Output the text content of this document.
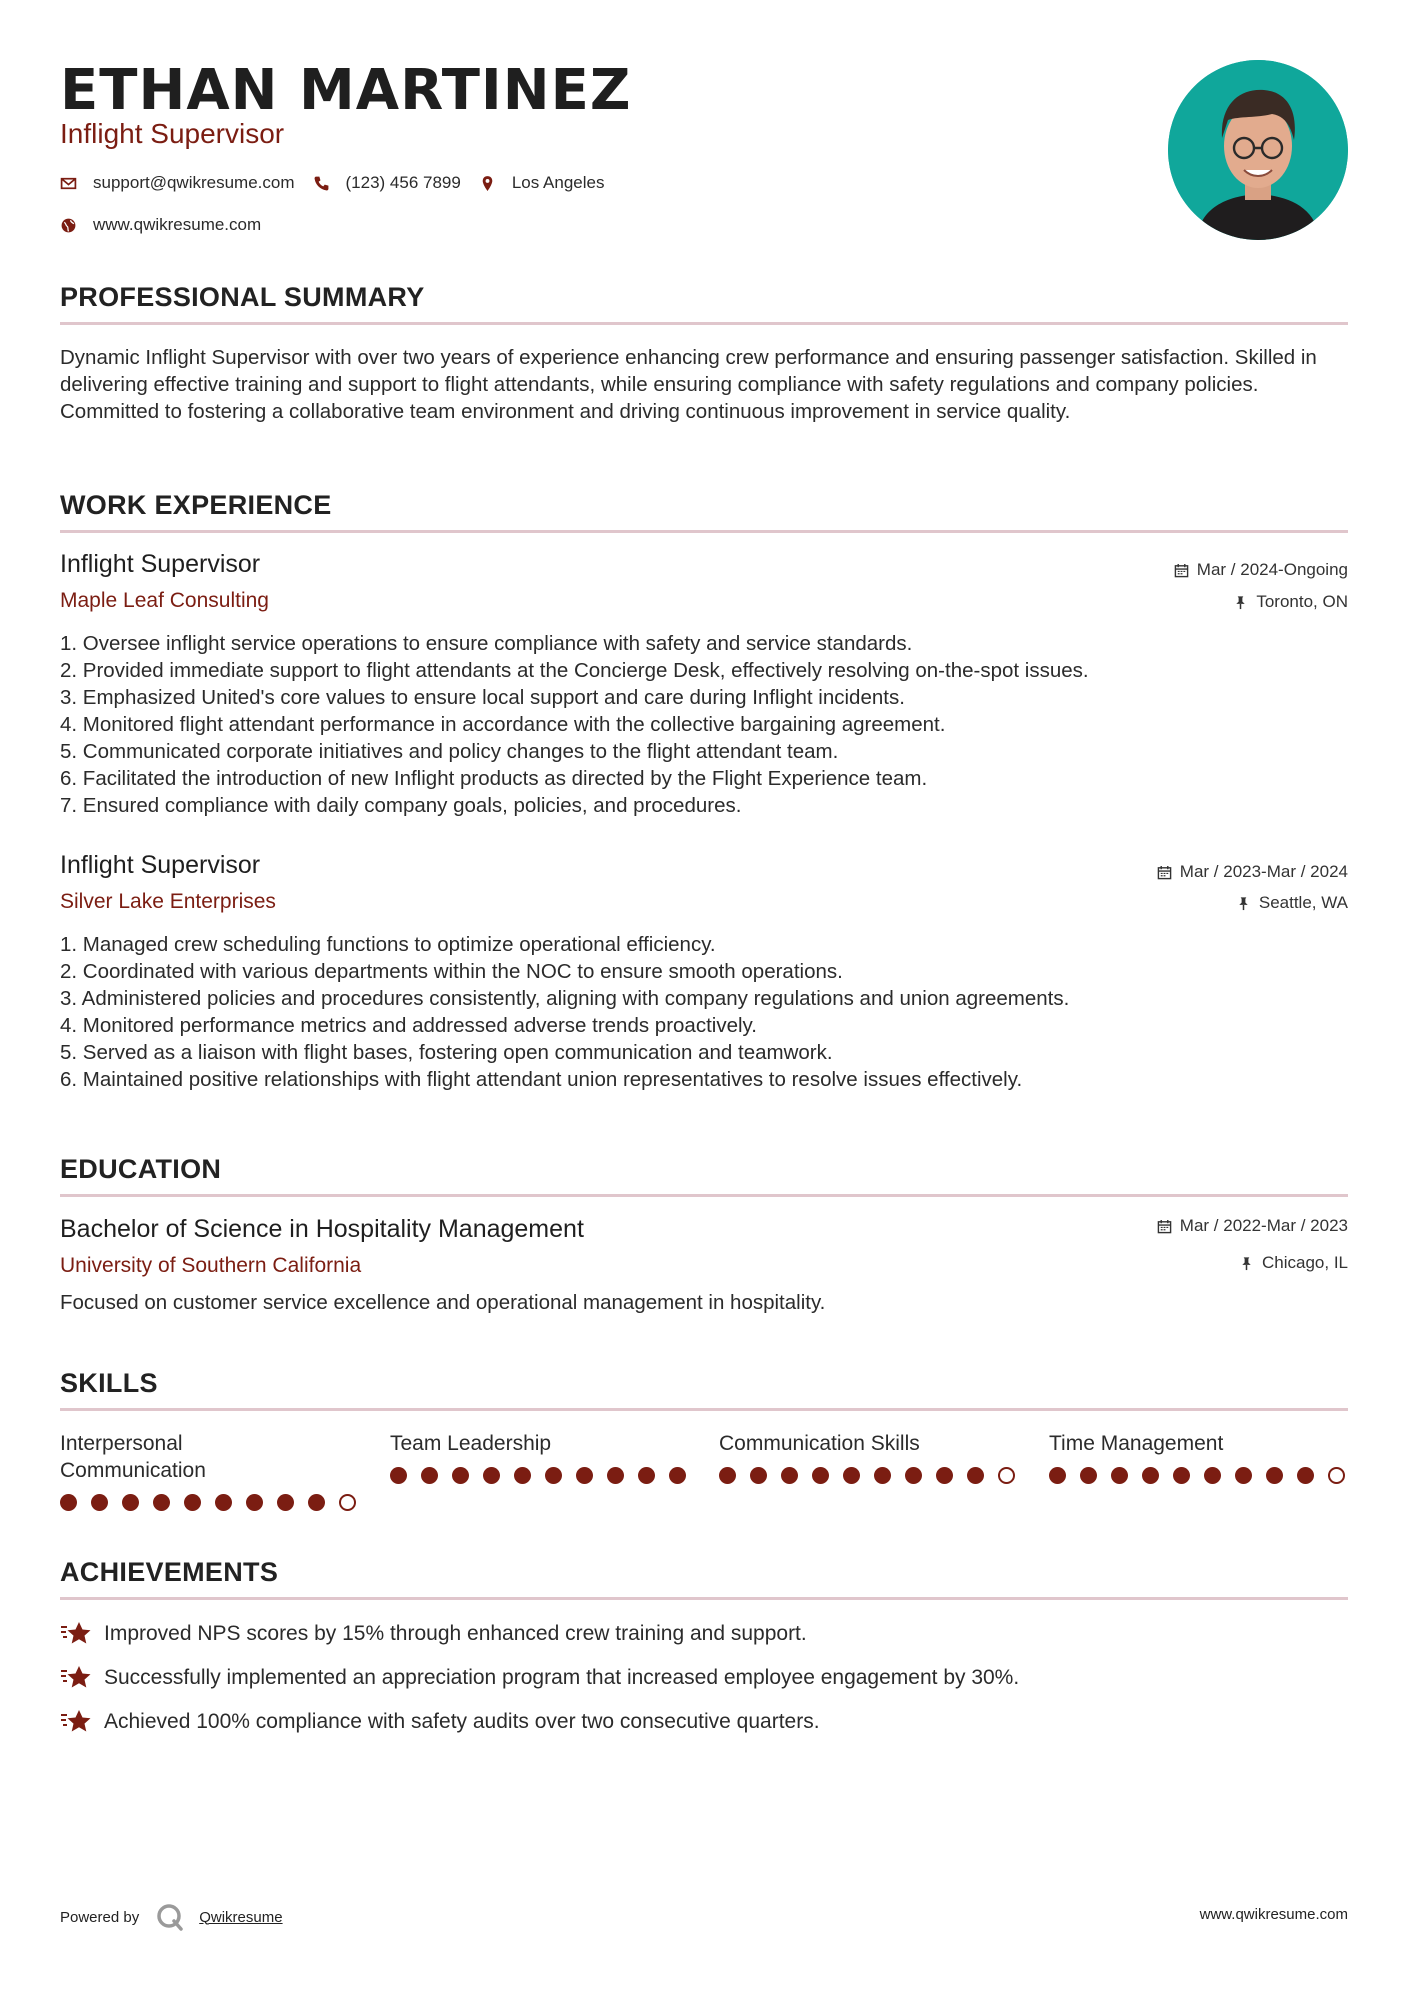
ETHAN MARTINEZ
Inflight Supervisor
support@qwikresume.com	(123) 456 7899	Los Angeles
www.qwikresume.com
PROFESSIONAL SUMMARY
Dynamic Inflight Supervisor with over two years of experience enhancing crew performance and ensuring passenger satisfaction. Skilled in delivering effective training and support to flight attendants, while ensuring compliance with safety regulations and company policies. Committed to fostering a collaborative team environment and driving continuous improvement in service quality.
WORK EXPERIENCE
Inflight Supervisor
Maple Leaf Consulting
Mar / 2024-Ongoing
Toronto, ON
1. Oversee inflight service operations to ensure compliance with safety and service standards.
2. Provided immediate support to flight attendants at the Concierge Desk, effectively resolving on-the-spot issues.
3. Emphasized United's core values to ensure local support and care during Inflight incidents.
4. Monitored flight attendant performance in accordance with the collective bargaining agreement.
5. Communicated corporate initiatives and policy changes to the flight attendant team.
6. Facilitated the introduction of new Inflight products as directed by the Flight Experience team.
7. Ensured compliance with daily company goals, policies, and procedures.
Inflight Supervisor
Silver Lake Enterprises
Mar / 2023-Mar / 2024
Seattle, WA
1. Managed crew scheduling functions to optimize operational efficiency.
2. Coordinated with various departments within the NOC to ensure smooth operations.
3. Administered policies and procedures consistently, aligning with company regulations and union agreements.
4. Monitored performance metrics and addressed adverse trends proactively.
5. Served as a liaison with flight bases, fostering open communication and teamwork.
6. Maintained positive relationships with flight attendant union representatives to resolve issues effectively.
EDUCATION
Bachelor of Science in Hospitality Management
University of Southern California
Mar / 2022-Mar / 2023
Chicago, IL
Focused on customer service excellence and operational management in hospitality.
SKILLS
Interpersonal Communication
Team Leadership	Communication Skills	Time Management
ACHIEVEMENTS
Improved NPS scores by 15% through enhanced crew training and support.
Successfully implemented an appreciation program that increased employee engagement by 30%.
Achieved 100% compliance with safety audits over two consecutive quarters.
Powered by	Qwikresume	www.qwikresume.com
